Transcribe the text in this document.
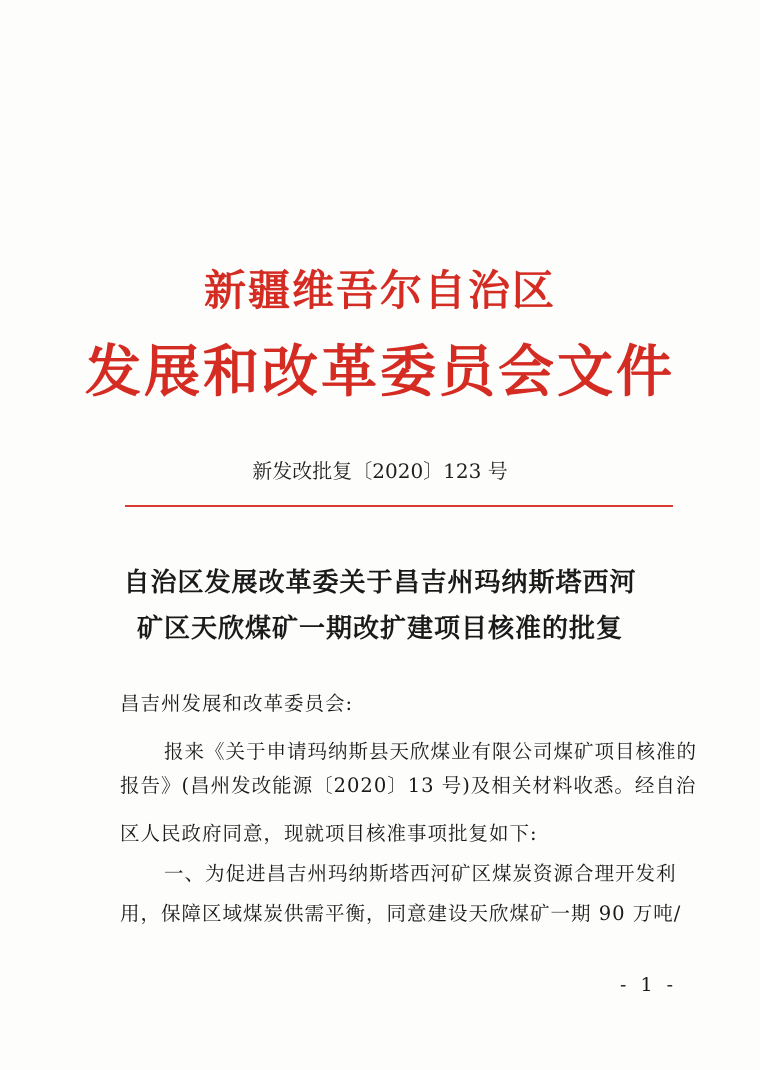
新疆维吾尔自治区
发展和改革委员会文件
新发改批复〔2020〕123 号
自治区发展改革委关于昌吉州玛纳斯塔西河
矿区天欣煤矿一期改扩建项目核准的批复
昌吉州发展和改革委员会:
报来《关于申请玛纳斯县天欣煤业有限公司煤矿项目核准的
报告》(昌州发改能源〔2020〕13 号)及相关材料收悉。经自治
区人民政府同意，现就项目核准事项批复如下:
一、为促进昌吉州玛纳斯塔西河矿区煤炭资源合理开发利
用，保障区域煤炭供需平衡，同意建设天欣煤矿一期 90 万吨/
- 1 -
